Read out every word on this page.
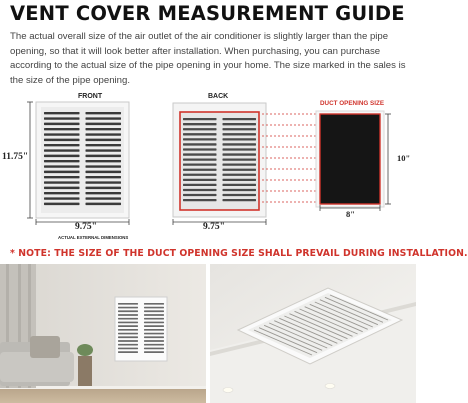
VENT COVER MEASUREMENT GUIDE
The actual overall size of the air outlet of the air conditioner is slightly larger than the pipe opening, so that it will look better after installation. When purchasing, you can purchase according to the actual size of the pipe opening in your home. The size marked in the sales is the size of the pipe opening.
FRONT
11.75"
9.75"
ACTUAL EXTERNAL DIMENSIONS
BACK
9.75"
DUCT OPENING SIZE
10"
8"
* NOTE: THE SIZE OF THE DUCT OPENING SIZE SHALL PREVAIL DURING INSTALLATION.
